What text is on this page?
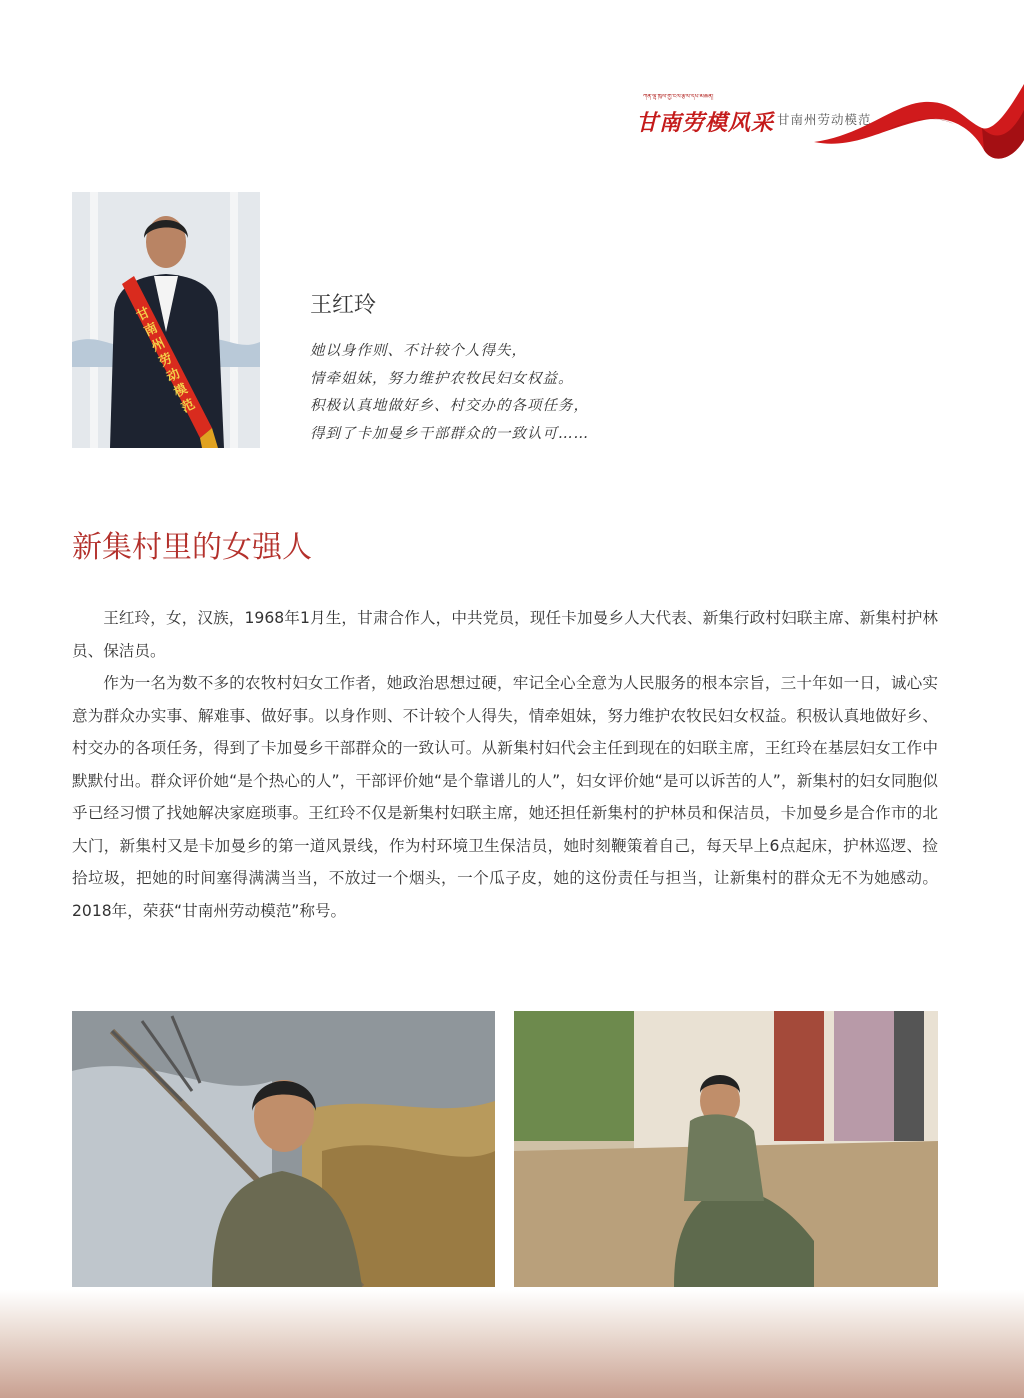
ཀན་ལྷོ་ཁུལ་གྱི་ངལ་རྩོལ་དཔེ་མཚོན།
甘南劳模风采 甘南州劳动模范
甘南州劳动模范
王红玲
她以身作则、不计较个人得失，
情牵姐妹，努力维护农牧民妇女权益。
积极认真地做好乡、村交办的各项任务，
得到了卡加曼乡干部群众的一致认可……
新集村里的女强人

王红玲，女，汉族，1968年1月生，甘肃合作人，中共党员，现任卡加曼乡人大代表、新集行政村妇联主席、新集村护林员、保洁员。

作为一名为数不多的农牧村妇女工作者，她政治思想过硬，牢记全心全意为人民服务的根本宗旨，三十年如一日，诚心实意为群众办实事、解难事、做好事。以身作则、不计较个人得失，情牵姐妹，努力维护农牧民妇女权益。积极认真地做好乡、村交办的各项任务，得到了卡加曼乡干部群众的一致认可。从新集村妇代会主任到现在的妇联主席，王红玲在基层妇女工作中默默付出。群众评价她“是个热心的人”，干部评价她“是个靠谱儿的人”，妇女评价她“是可以诉苦的人”，新集村的妇女同胞似乎已经习惯了找她解决家庭琐事。王红玲不仅是新集村妇联主席，她还担任新集村的护林员和保洁员，卡加曼乡是合作市的北大门，新集村又是卡加曼乡的第一道风景线，作为村环境卫生保洁员，她时刻鞭策着自己，每天早上6点起床，护林巡逻、捡拾垃圾，把她的时间塞得满满当当，不放过一个烟头，一个瓜子皮，她的这份责任与担当，让新集村的群众无不为她感动。2018年，荣获“甘南州劳动模范”称号。
